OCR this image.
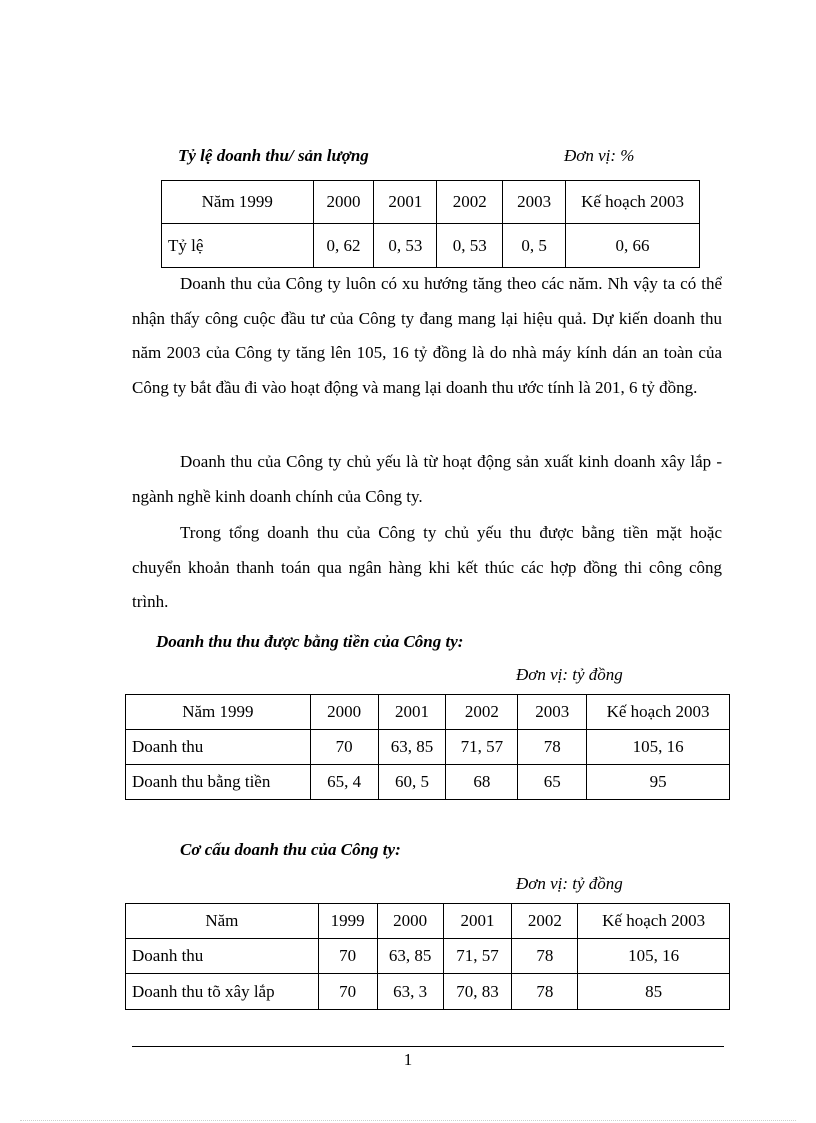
Tỷ lệ doanh thu/ sản lượng	Đơn vị: %
Năm 1999	2000	2001	2002	2003	Kế hoạch 2003
Tỷ lệ	0, 62	0, 53	0, 53	0, 5	0, 66

Doanh thu của Công ty luôn có xu hướng tăng theo các năm. Nh vậy ta có thể nhận thấy công cuộc đầu tư của Công ty đang mang lại hiệu quả. Dự kiến doanh thu năm 2003 của Công ty tăng lên 105, 16 tỷ đồng là do nhà máy kính dán an toàn của Công ty bắt đầu đi vào hoạt động và mang lại doanh thu ước tính là 201, 6 tỷ đồng.

Doanh thu của Công ty chủ yếu là từ hoạt động sản xuất kinh doanh xây lắp - ngành nghề kinh doanh chính của Công ty.

Trong tổng doanh thu của Công ty chủ yếu thu được bằng tiền mặt hoặc chuyển khoản thanh toán qua ngân hàng khi kết thúc các hợp đồng thi công công trình.

Doanh thu thu được bằng tiền của Công ty:
Đơn vị: tỷ đồng
Năm 1999	2000	2001	2002	2003	Kế hoạch 2003
Doanh thu	70	63, 85	71, 57	78	105, 16
Doanh thu bằng tiền	65, 4	60, 5	68	65	95
Cơ cấu doanh thu của Công ty:
Đơn vị: tỷ đồng
Năm	1999	2000	2001	2002	Kế hoạch 2003
Doanh thu	70	63, 85	71, 57	78	105, 16
Doanh thu tõ xây lắp	70	63, 3	70, 83	78	85
1
